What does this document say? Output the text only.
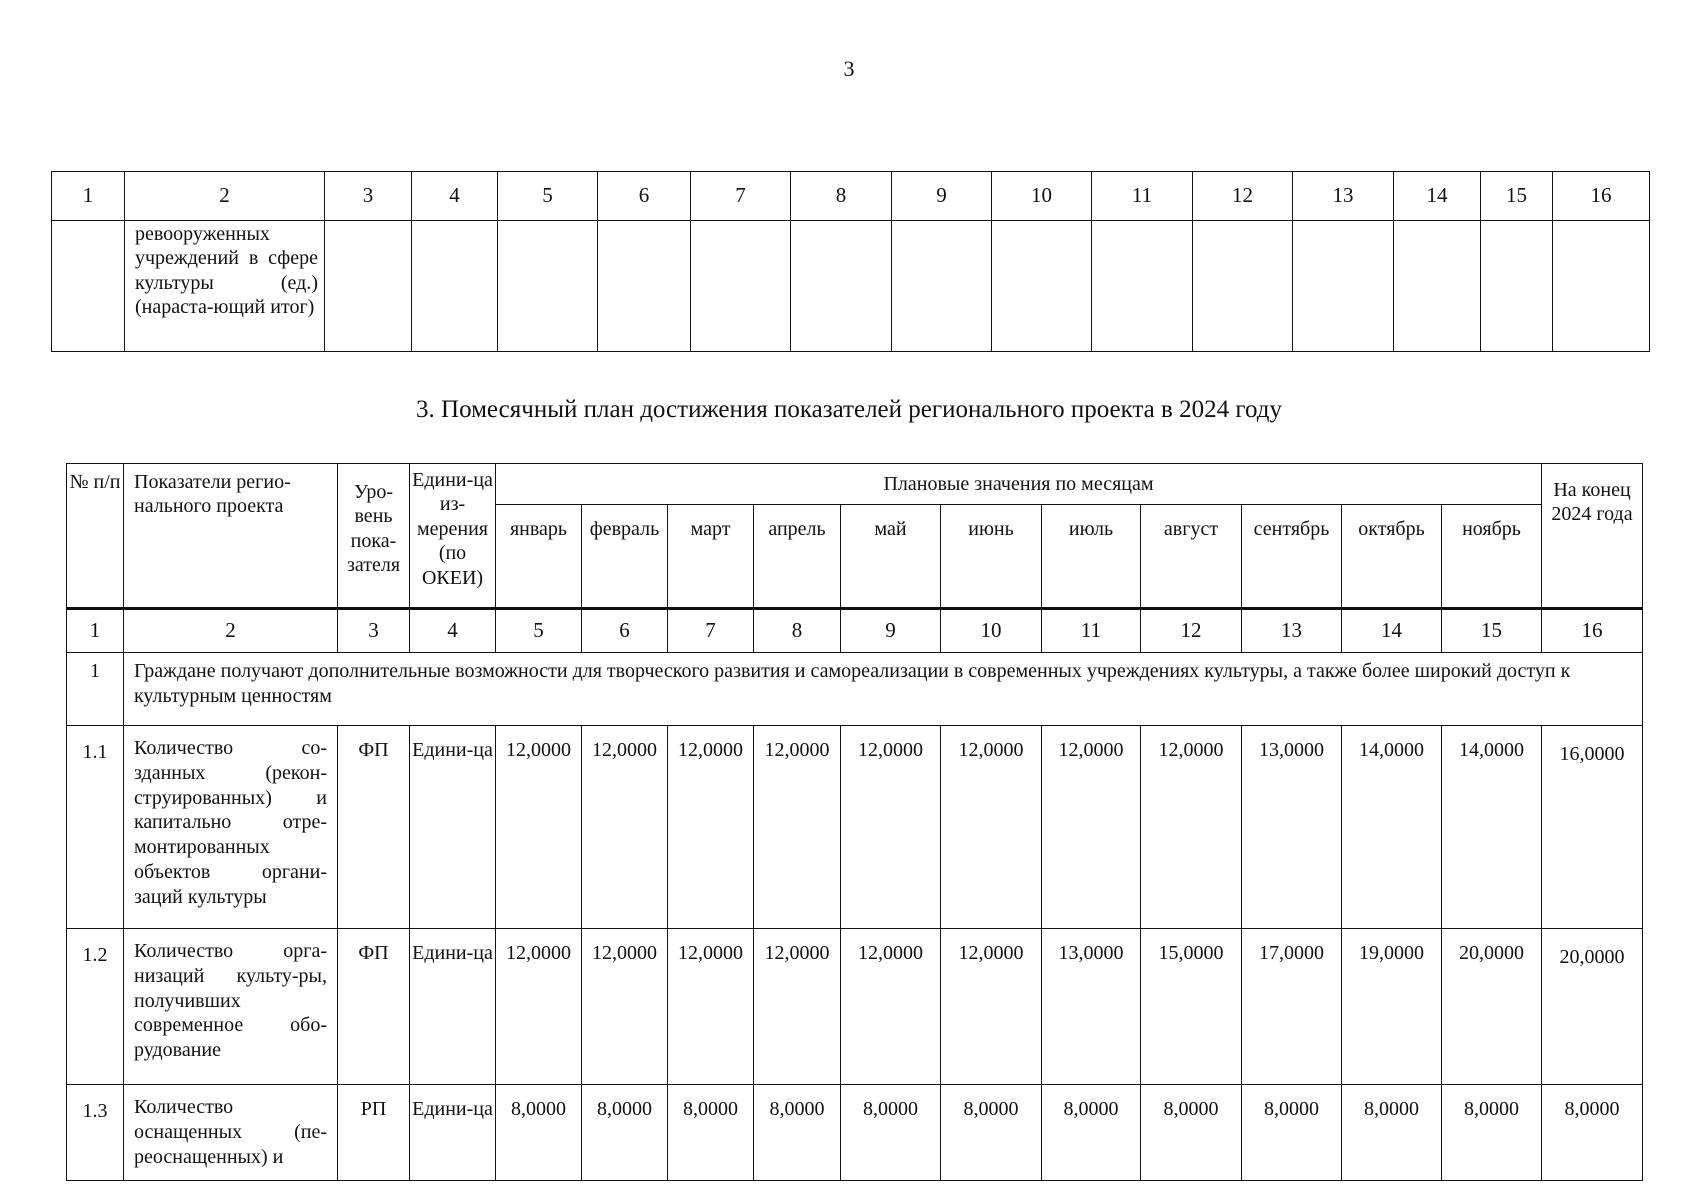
3
1	2	3	4	5	6	7	8	9	10	11	12	13	14	15	16

	ревооруженных учреждений в сфере культуры (ед.) (нараста-ющий итог)														

3. Помесячный план достижения показателей регионального проекта в 2024 году
№ п/п	Показатели регио-нального проекта	Уро-вень пока-зателя	Едини-ца из-мерения (по ОКЕИ)	Плановые значения по месяцам											На конец 2024 года
				январь	февраль	март	апрель	май	июнь	июль	август	сентябрь	октябрь	ноябрь	
1	2	3	4	5	6	7	8	9	10	11	12	13	14	15	16
1	Граждане получают дополнительные возможности для творческого развития и самореализации в современных учреждениях культуры, а также более широкий доступ к культурным ценностям														
1.1	Количество со-зданных (рекон-струированных) и капитально отре-монтированных объектов органи-заций культуры	ФП	Едини-ца	12,0000	12,0000	12,0000	12,0000	12,0000	12,0000	12,0000	12,0000	13,0000	14,0000	14,0000	16,0000
1.2	Количество орга-низаций культу-ры, получивших современное обо-рудование	ФП	Едини-ца	12,0000	12,0000	12,0000	12,0000	12,0000	12,0000	13,0000	15,0000	17,0000	19,0000	20,0000	20,0000
1.3	Количество оснащенных (пе-реоснащенных) и	РП	Едини-ца	8,0000	8,0000	8,0000	8,0000	8,0000	8,0000	8,0000	8,0000	8,0000	8,0000	8,0000	8,0000
